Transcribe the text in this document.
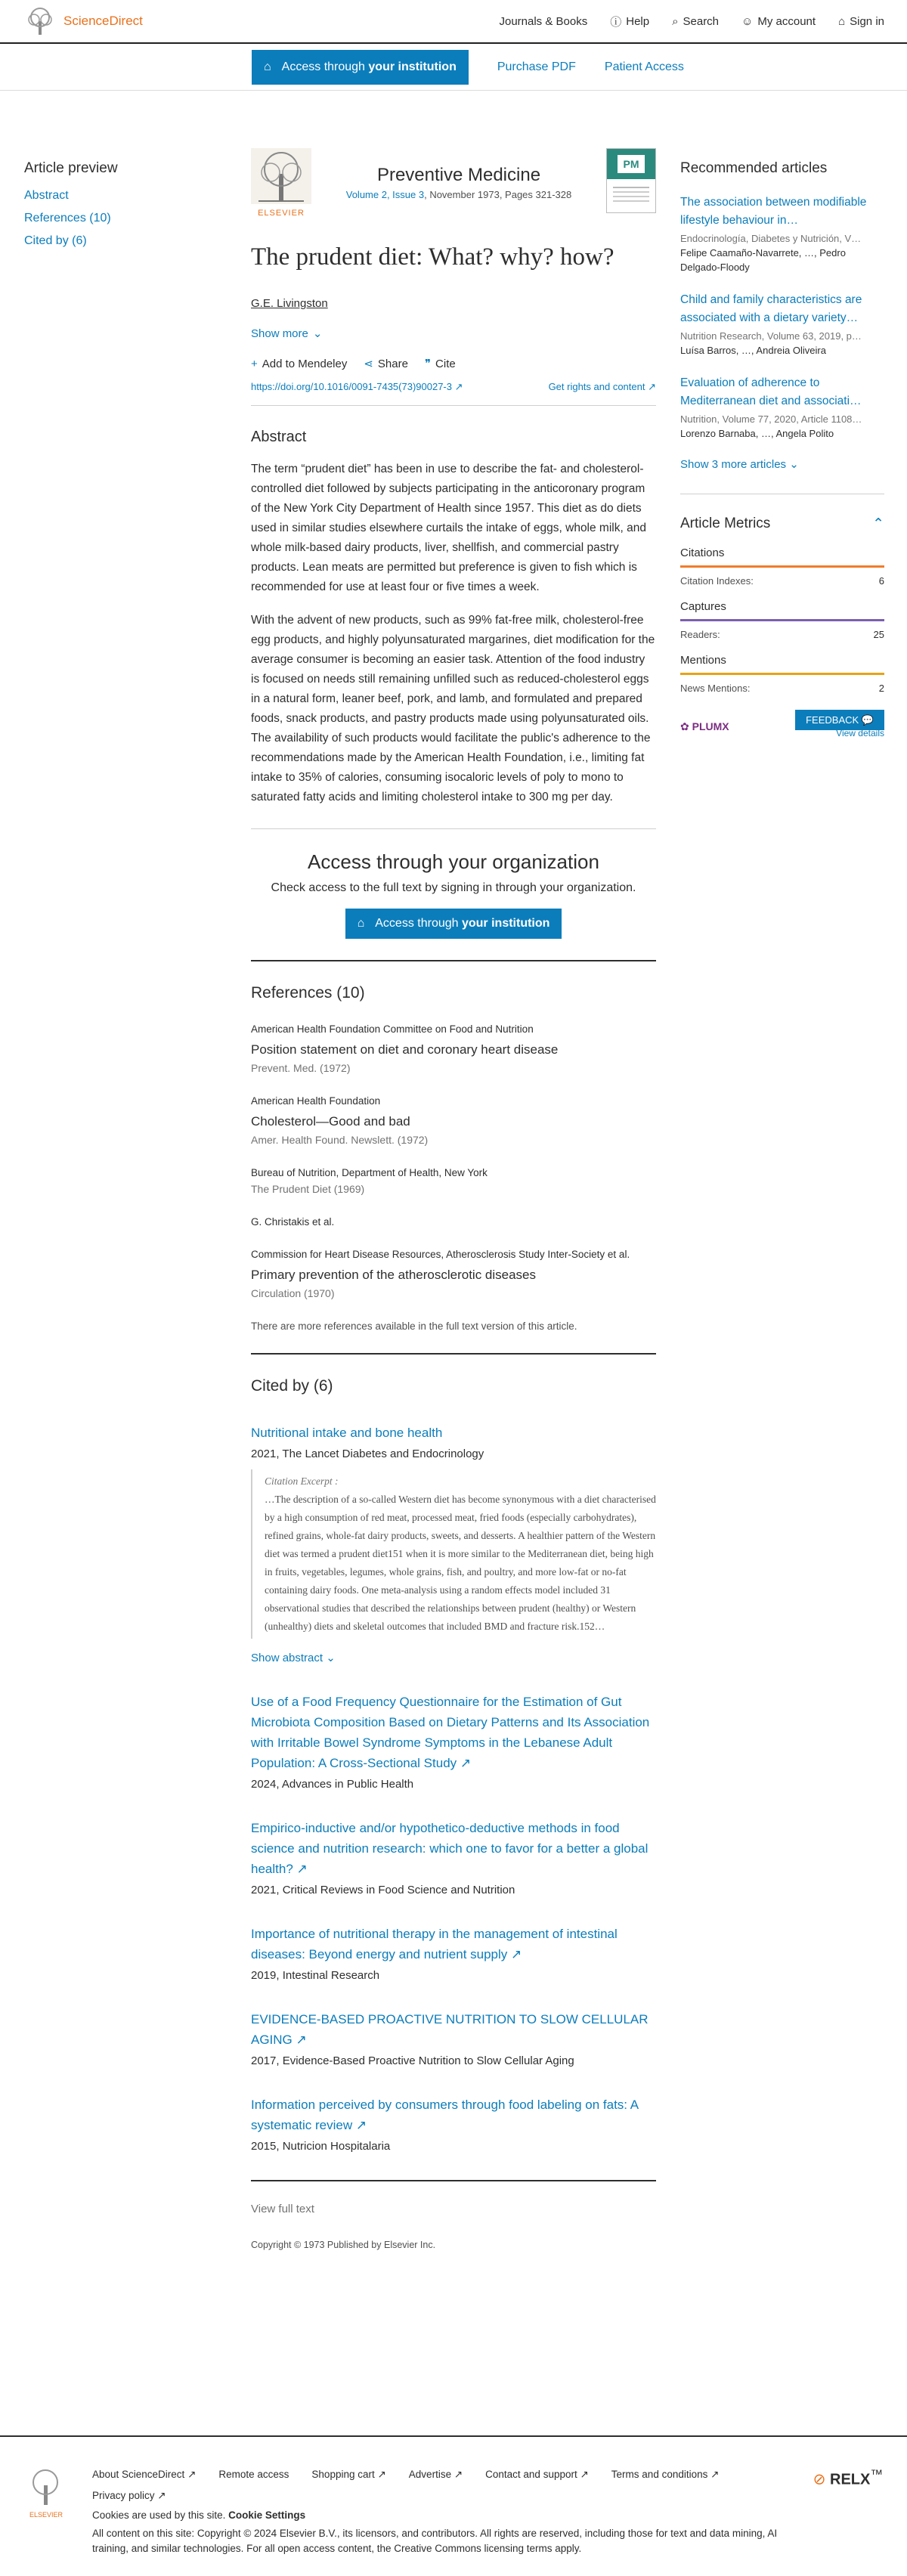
ScienceDirect	Journals & Books ⓘ Help ⌕ Search ☺ My account ⌂ Sign in
⌂ Access through your institution	Purchase PDF Patient Access
Article preview
Abstract
References (10)
Cited by (6)
ELSEVIER
Preventive Medicine
Volume 2, Issue 3, November 1973, Pages 321-328
PM
The prudent diet: What? why? how?
G.E. Livingston
Show more ⌄
+ Add to Mendeley ⋖ Share ❞ Cite
https://doi.org/10.1016/0091-7435(73)90027-3 ↗	Get rights and content ↗
Abstract

The term “prudent diet” has been in use to describe the fat- and cholesterol-controlled diet followed by subjects participating in the anticoronary program of the New York City Department of Health since 1957. This diet as do diets used in similar studies elsewhere curtails the intake of eggs, whole milk, and whole milk-based dairy products, liver, shellfish, and commercial pastry products. Lean meats are permitted but preference is given to fish which is recommended for use at least four or five times a week.

With the advent of new products, such as 99% fat-free milk, cholesterol-free egg products, and highly polyunsaturated margarines, diet modification for the average consumer is becoming an easier task. Attention of the food industry is focused on needs still remaining unfilled such as reduced-cholesterol eggs in a natural form, leaner beef, pork, and lamb, and formulated and prepared foods, snack products, and pastry products made using polyunsaturated oils. The availability of such products would facilitate the public's adherence to the recommendations made by the American Health Foundation, i.e., limiting fat intake to 35% of calories, consuming isocaloric levels of poly to mono to saturated fatty acids and limiting cholesterol intake to 300 mg per day.

Access through your organization

Check access to the full text by signing in through your organization.

⌂ Access through your institution
References (10)
American Health Foundation Committee on Food and Nutrition
Position statement on diet and coronary heart disease
Prevent. Med. (1972)
American Health Foundation
Cholesterol—Good and bad
Amer. Health Found. Newslett. (1972)
Bureau of Nutrition, Department of Health, New York
The Prudent Diet (1969)
G. Christakis et al.
Commission for Heart Disease Resources, Atherosclerosis Study Inter-Society et al.
Primary prevention of the atherosclerotic diseases
Circulation (1970)
There are more references available in the full text version of this article.
Cited by (6)
Nutritional intake and bone health
2021, The Lancet Diabetes and Endocrinology
Citation Excerpt :
…The description of a so-called Western diet has become synonymous with a diet characterised by a high consumption of red meat, processed meat, fried foods (especially carbohydrates), refined grains, whole-fat dairy products, sweets, and desserts. A healthier pattern of the Western diet was termed a prudent diet151 when it is more similar to the Mediterranean diet, being high in fruits, vegetables, legumes, whole grains, fish, and poultry, and more low-fat or no-fat containing dairy foods. One meta-analysis using a random effects model included 31 observational studies that described the relationships between prudent (healthy) or Western (unhealthy) diets and skeletal outcomes that included BMD and fracture risk.152…
Show abstract ⌄
Use of a Food Frequency Questionnaire for the Estimation of Gut Microbiota Composition Based on Dietary Patterns and Its Association with Irritable Bowel Syndrome Symptoms in the Lebanese Adult Population: A Cross-Sectional Study ↗
2024, Advances in Public Health
Empirico-inductive and/or hypothetico-deductive methods in food science and nutrition research: which one to favor for a better a global health? ↗
2021, Critical Reviews in Food Science and Nutrition
Importance of nutritional therapy in the management of intestinal diseases: Beyond energy and nutrient supply ↗
2019, Intestinal Research
EVIDENCE-BASED PROACTIVE NUTRITION TO SLOW CELLULAR AGING ↗
2017, Evidence-Based Proactive Nutrition to Slow Cellular Aging
Information perceived by consumers through food labeling on fats: A systematic review ↗
2015, Nutricion Hospitalaria
View full text
Copyright © 1973 Published by Elsevier Inc.
Recommended articles
The association between modifiable lifestyle behaviour in…
Endocrinología, Diabetes y Nutrición, V…
Felipe Caamaño-Navarrete, …, Pedro Delgado-Floody
Child and family characteristics are associated with a dietary variety…
Nutrition Research, Volume 63, 2019, p…
Luísa Barros, …, Andreia Oliveira
Evaluation of adherence to Mediterranean diet and associati…
Nutrition, Volume 77, 2020, Article 1108…
Lorenzo Barnaba, …, Angela Polito
Show 3 more articles ⌄
Article Metrics	⌃
Citations
Citation Indexes:	6
Captures
Readers:	25
Mentions
News Mentions:	2
✿ PLUMX	FEEDBACK 💬
View details
ELSEVIER
About ScienceDirect ↗ Remote access Shopping cart ↗ Advertise ↗ Contact and support ↗ Terms and conditions ↗
Privacy policy ↗
Cookies are used by this site. Cookie Settings
All content on this site: Copyright © 2024 Elsevier B.V., its licensors, and contributors. All rights are reserved, including those for text and data mining, AI training, and similar technologies. For all open access content, the Creative Commons licensing terms apply.
⊘ RELX™
